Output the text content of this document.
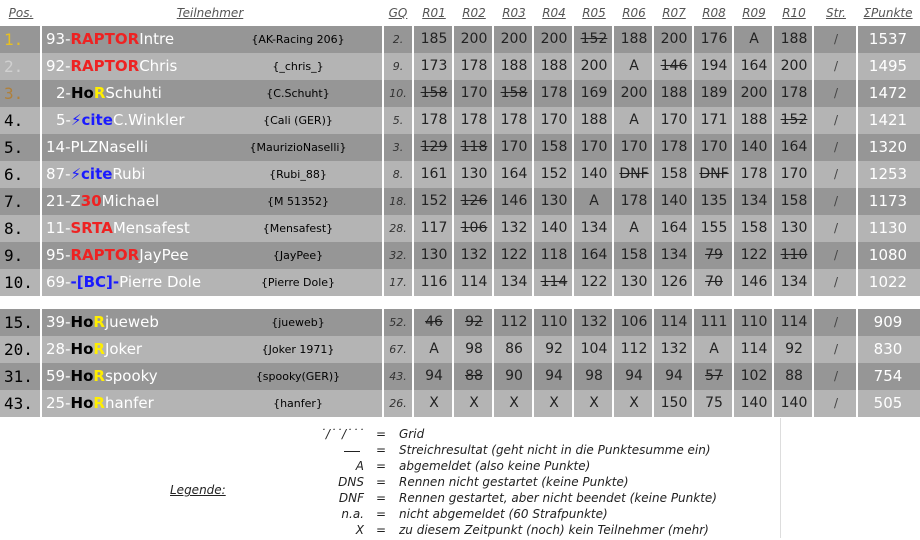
Pos.	Teilnehmer	GQ	R01	R02	R03	R04	R05	R06	R07	R08	R09	R10	Str.	ΣPunkte
1.	93-RAPTORIntre	{AK-Racing 206}	2.	185 200 200 200 152 188 200 176	A	188	/	1537
2.	92-RAPTORChris	{_chris_}	9.	173 178 188 188 200	A	146 194 164 200	/	1495
3.	2-HoRSchuhti	{C.Schuht}	10. 158 170 158 178 169 200 188 189 200 178	/	1472
4.	5-⚡citeC.Winkler	{Cali (GER)}	5.	178 178 178 170 188	A	170 171 188 152	/	1421
5.	14-PLZNaselli	{MaurizioNaselli}	3.	129 118 170 158 170 170 178 170 140 164	/	1320
6.	87-⚡citeRubi	{Rubi_88}	8.	161 130 164 152 140 DNF 158 DNF 178 170	/	1253
7.	21-Z30Michael	{M 51352}	18. 152 126 146 130	A	178 140 135 134 158	/	1173
8.	11-SRTAMensafest	{Mensafest}	28. 117 106 132 140 134	A	164 155 158 130	/	1130
9.	95-RAPTORJayPee	{JayPee}	32. 130 132 122 118 164 158 134	79	122 110	/	1080
10. 69--[BC]-Pierre Dole	{Pierre Dole}	17. 116 114 134 114 122 130 126	70	146 134	/	1022
15. 39-HoRjueweb	{jueweb}	52.	46	92	112 110 132 106 114 111 110 114	/	909
20. 28-HoRJoker	{Joker 1971}	67.	A	98	86	92	104 112 132	A	114	92	/	830
31. 59-HoRspooky	{spooky(GER)}	43.	94	88	90	94	98	94	94	57	102	88	/	754
43. 25-HoRhanfer	{hanfer}	26.	X	X	X	X	X	X	150	75	140 140	/	505
Legende:
˙/˙˙/˙˙˙ = Grid
= Streichresultat (geht nicht in die Punktesumme ein)
A = abgemeldet (also keine Punkte)
DNS = Rennen nicht gestartet (keine Punkte)
DNF = Rennen gestartet, aber nicht beendet (keine Punkte)
n.a. = nicht abgemeldet (60 Strafpunkte)
X = zu diesem Zeitpunkt (noch) kein Teilnehmer (mehr)
